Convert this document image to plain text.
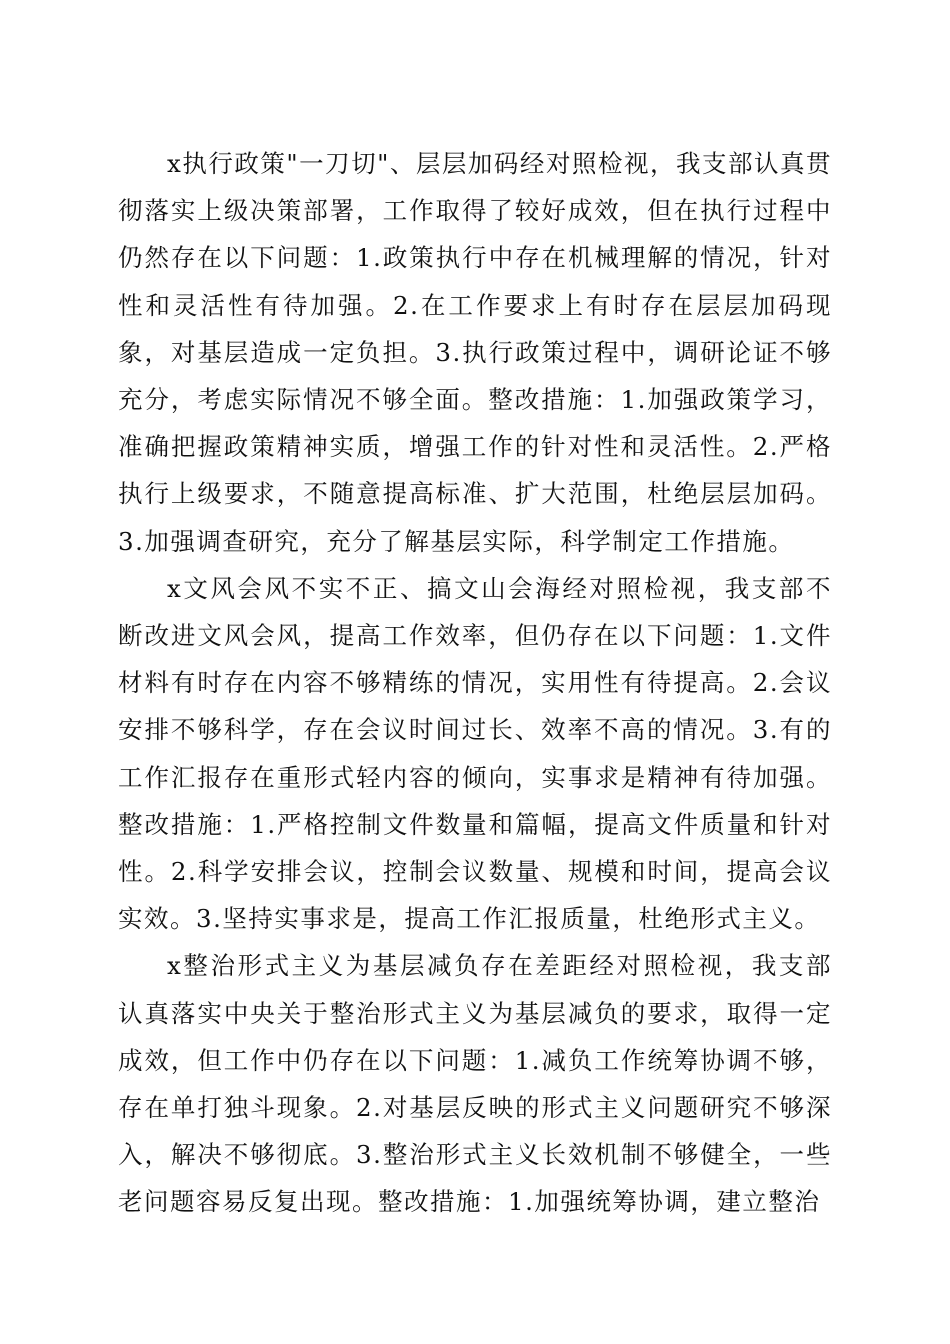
x执行政策"一刀切"、层层加码经对照检视，我支部认真贯彻落实上级决策部署，工作取得了较好成效，但在执行过程中仍然存在以下问题：1.政策执行中存在机械理解的情况，针对性和灵活性有待加强。2.在工作要求上有时存在层层加码现象，对基层造成一定负担。3.执行政策过程中，调研论证不够充分，考虑实际情况不够全面。整改措施：1.加强政策学习，准确把握政策精神实质，增强工作的针对性和灵活性。2.严格执行上级要求，不随意提高标准、扩大范围，杜绝层层加码。3.加强调查研究，充分了解基层实际，科学制定工作措施。

x文风会风不实不正、搞文山会海经对照检视，我支部不断改进文风会风，提高工作效率，但仍存在以下问题：1.文件材料有时存在内容不够精练的情况，实用性有待提高。2.会议安排不够科学，存在会议时间过长、效率不高的情况。3.有的工作汇报存在重形式轻内容的倾向，实事求是精神有待加强。整改措施：1.严格控制文件数量和篇幅，提高文件质量和针对性。2.科学安排会议，控制会议数量、规模和时间，提高会议实效。3.坚持实事求是，提高工作汇报质量，杜绝形式主义。

x整治形式主义为基层减负存在差距经对照检视，我支部认真落实中央关于整治形式主义为基层减负的要求，取得一定成效，但工作中仍存在以下问题：1.减负工作统筹协调不够，存在单打独斗现象。2.对基层反映的形式主义问题研究不够深入，解决不够彻底。3.整治形式主义长效机制不够健全，一些老问题容易反复出现。整改措施：1.加强统筹协调，建立整治
